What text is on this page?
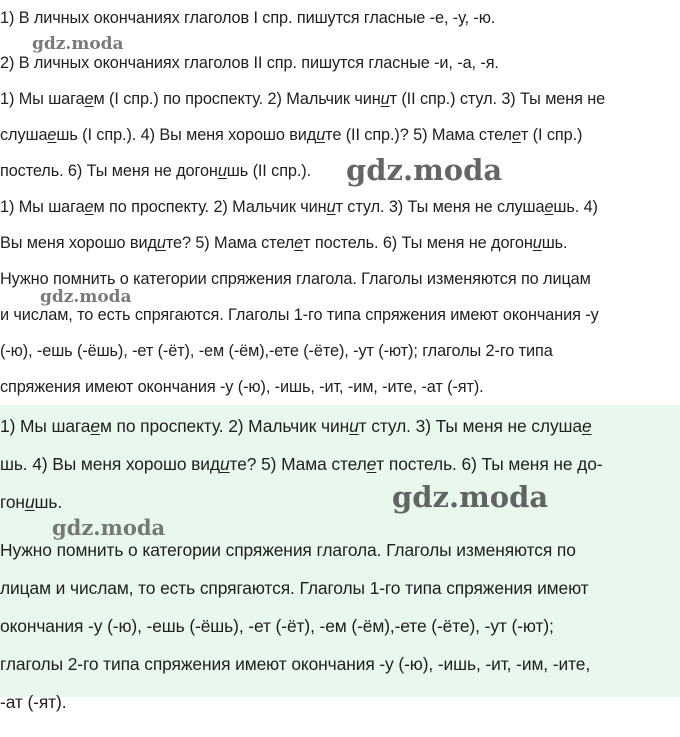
1) В личных окончаниях глаголов I спр. пишутся гласные -е, -у, -ю.
2) В личных окончаниях глаголов II спр. пишутся гласные -и, -а, -я.
1) Мы шагаем (I спр.) по проспекту. 2) Мальчик чинит (II спр.) стул. 3) Ты меня не
слушаешь (I спр.). 4) Вы меня хорошо видите (II спр.)? 5) Мама стелет (I спр.)
постель. 6) Ты меня не догонишь (II спр.).
1) Мы шагаем по проспекту. 2) Мальчик чинит стул. 3) Ты меня не слушаешь. 4)
Вы меня хорошо видите? 5) Мама стелет постель. 6) Ты меня не догонишь.
Нужно помнить о категории спряжения глагола. Глаголы изменяются по лицам
и числам, то есть спрягаются. Глаголы 1-го типа спряжения имеют окончания -у
(-ю), -ешь (-ёшь), -ет (-ёт), -ем (-ём),-ете (-ёте), -ут (-ют); глаголы 2-го типа
спряжения имеют окончания -у (-ю), -ишь, -ит, -им, -ите, -ат (-ят).
1) Мы шагаем по проспекту. 2) Мальчик чинит стул. 3) Ты меня не слушае
шь. 4) Вы меня хорошо видите? 5) Мама стелет постель. 6) Ты меня не до-
гонишь.
Нужно помнить о категории спряжения глагола. Глаголы изменяются по
лицам и числам, то есть спрягаются. Глаголы 1-го типа спряжения имеют
окончания -у (-ю), -ешь (-ёшь), -ет (-ёт), -ем (-ём),-ете (-ёте), -ут (-ют);
глаголы 2-го типа спряжения имеют окончания -у (-ю), -ишь, -ит, -им, -ите,
-ат (-ят).
gdz.moda
gdz.moda
gdz.moda
gdz.moda
gdz.moda
